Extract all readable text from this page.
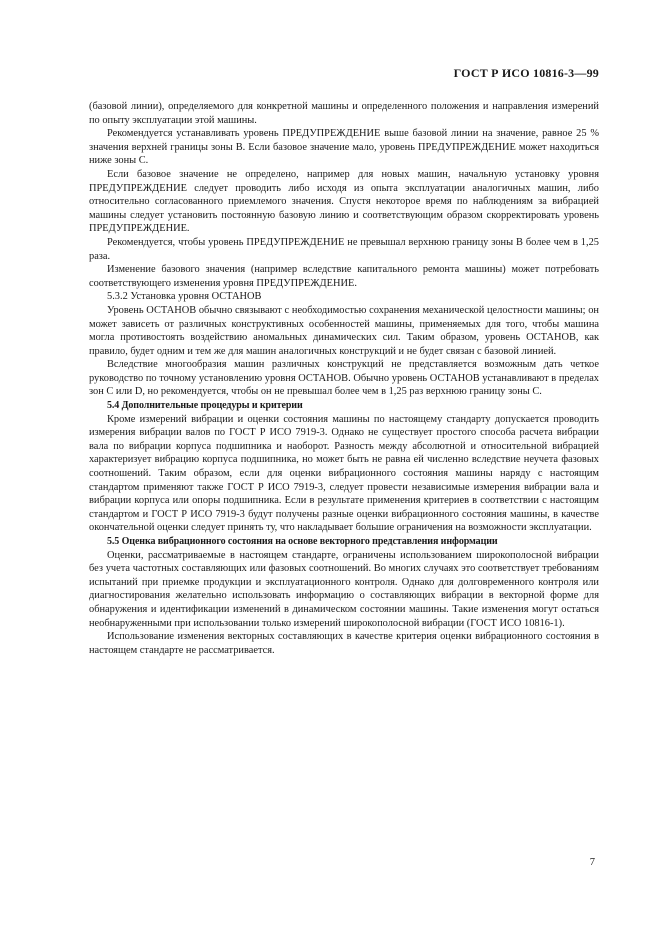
ГОСТ Р ИСО 10816-3—99

(базовой линии), определяемого для конкретной машины и определенного положения и направления измерений по опыту эксплуатации этой машины.

Рекомендуется устанавливать уровень ПРЕДУПРЕЖДЕНИЕ выше базовой линии на значение, равное 25 % значения верхней границы зоны В. Если базовое значение мало, уровень ПРЕДУПРЕЖДЕНИЕ может находиться ниже зоны С.

Если базовое значение не определено, например для новых машин, начальную установку уровня ПРЕДУПРЕЖДЕНИЕ следует проводить либо исходя из опыта эксплуатации аналогичных машин, либо относительно согласованного приемлемого значения. Спустя некоторое время по наблюдениям за вибрацией машины следует установить постоянную базовую линию и соответствующим образом скорректировать уровень ПРЕДУПРЕЖДЕНИЕ.

Рекомендуется, чтобы уровень ПРЕДУПРЕЖДЕНИЕ не превышал верхнюю границу зоны В более чем в 1,25 раза.

Изменение базового значения (например вследствие капитального ремонта машины) может потребовать соответствующего изменения уровня ПРЕДУПРЕЖДЕНИЕ.

5.3.2 Установка уровня ОСТАНОВ

Уровень ОСТАНОВ обычно связывают с необходимостью сохранения механической целостности машины; он может зависеть от различных конструктивных особенностей машины, применяемых для того, чтобы машина могла противостоять воздействию аномальных динамических сил. Таким образом, уровень ОСТАНОВ, как правило, будет одним и тем же для машин аналогичных конструкций и не будет связан с базовой линией.

Вследствие многообразия машин различных конструкций не представляется возможным дать четкое руководство по точному установлению уровня ОСТАНОВ. Обычно уровень ОСТАНОВ устанавливают в пределах зон С или D, но рекомендуется, чтобы он не превышал более чем в 1,25 раз верхнюю границу зоны С.

5.4 Дополнительные процедуры и критерии

Кроме измерений вибрации и оценки состояния машины по настоящему стандарту допускается проводить измерения вибрации валов по ГОСТ Р ИСО 7919-3. Однако не существует простого способа расчета вибрации вала по вибрации корпуса подшипника и наоборот. Разность между абсолютной и относительной вибрацией характеризует вибрацию корпуса подшипника, но может быть не равна ей численно вследствие неучета фазовых соотношений. Таким образом, если для оценки вибрационного состояния машины наряду с настоящим стандартом применяют также ГОСТ Р ИСО 7919-3, следует провести независимые измерения вибрации вала и вибрации корпуса или опоры подшипника. Если в результате применения критериев в соответствии с настоящим стандартом и ГОСТ Р ИСО 7919-3 будут получены разные оценки вибрационного состояния машины, в качестве окончательной оценки следует принять ту, что накладывает большие ограничения на возможности эксплуатации.

5.5 Оценка вибрационного состояния на основе векторного представления информации

Оценки, рассматриваемые в настоящем стандарте, ограничены использованием широкополосной вибрации без учета частотных составляющих или фазовых соотношений. Во многих случаях это соответствует требованиям испытаний при приемке продукции и эксплуатационного контроля. Однако для долговременного контроля или диагностирования желательно использовать информацию о составляющих вибрации в векторной форме для обнаружения и идентификации изменений в динамическом состоянии машины. Такие изменения могут остаться необнаруженными при использовании только измерений широкополосной вибрации (ГОСТ ИСО 10816-1).

Использование изменения векторных составляющих в качестве критерия оценки вибрационного состояния в настоящем стандарте не рассматривается.

7
